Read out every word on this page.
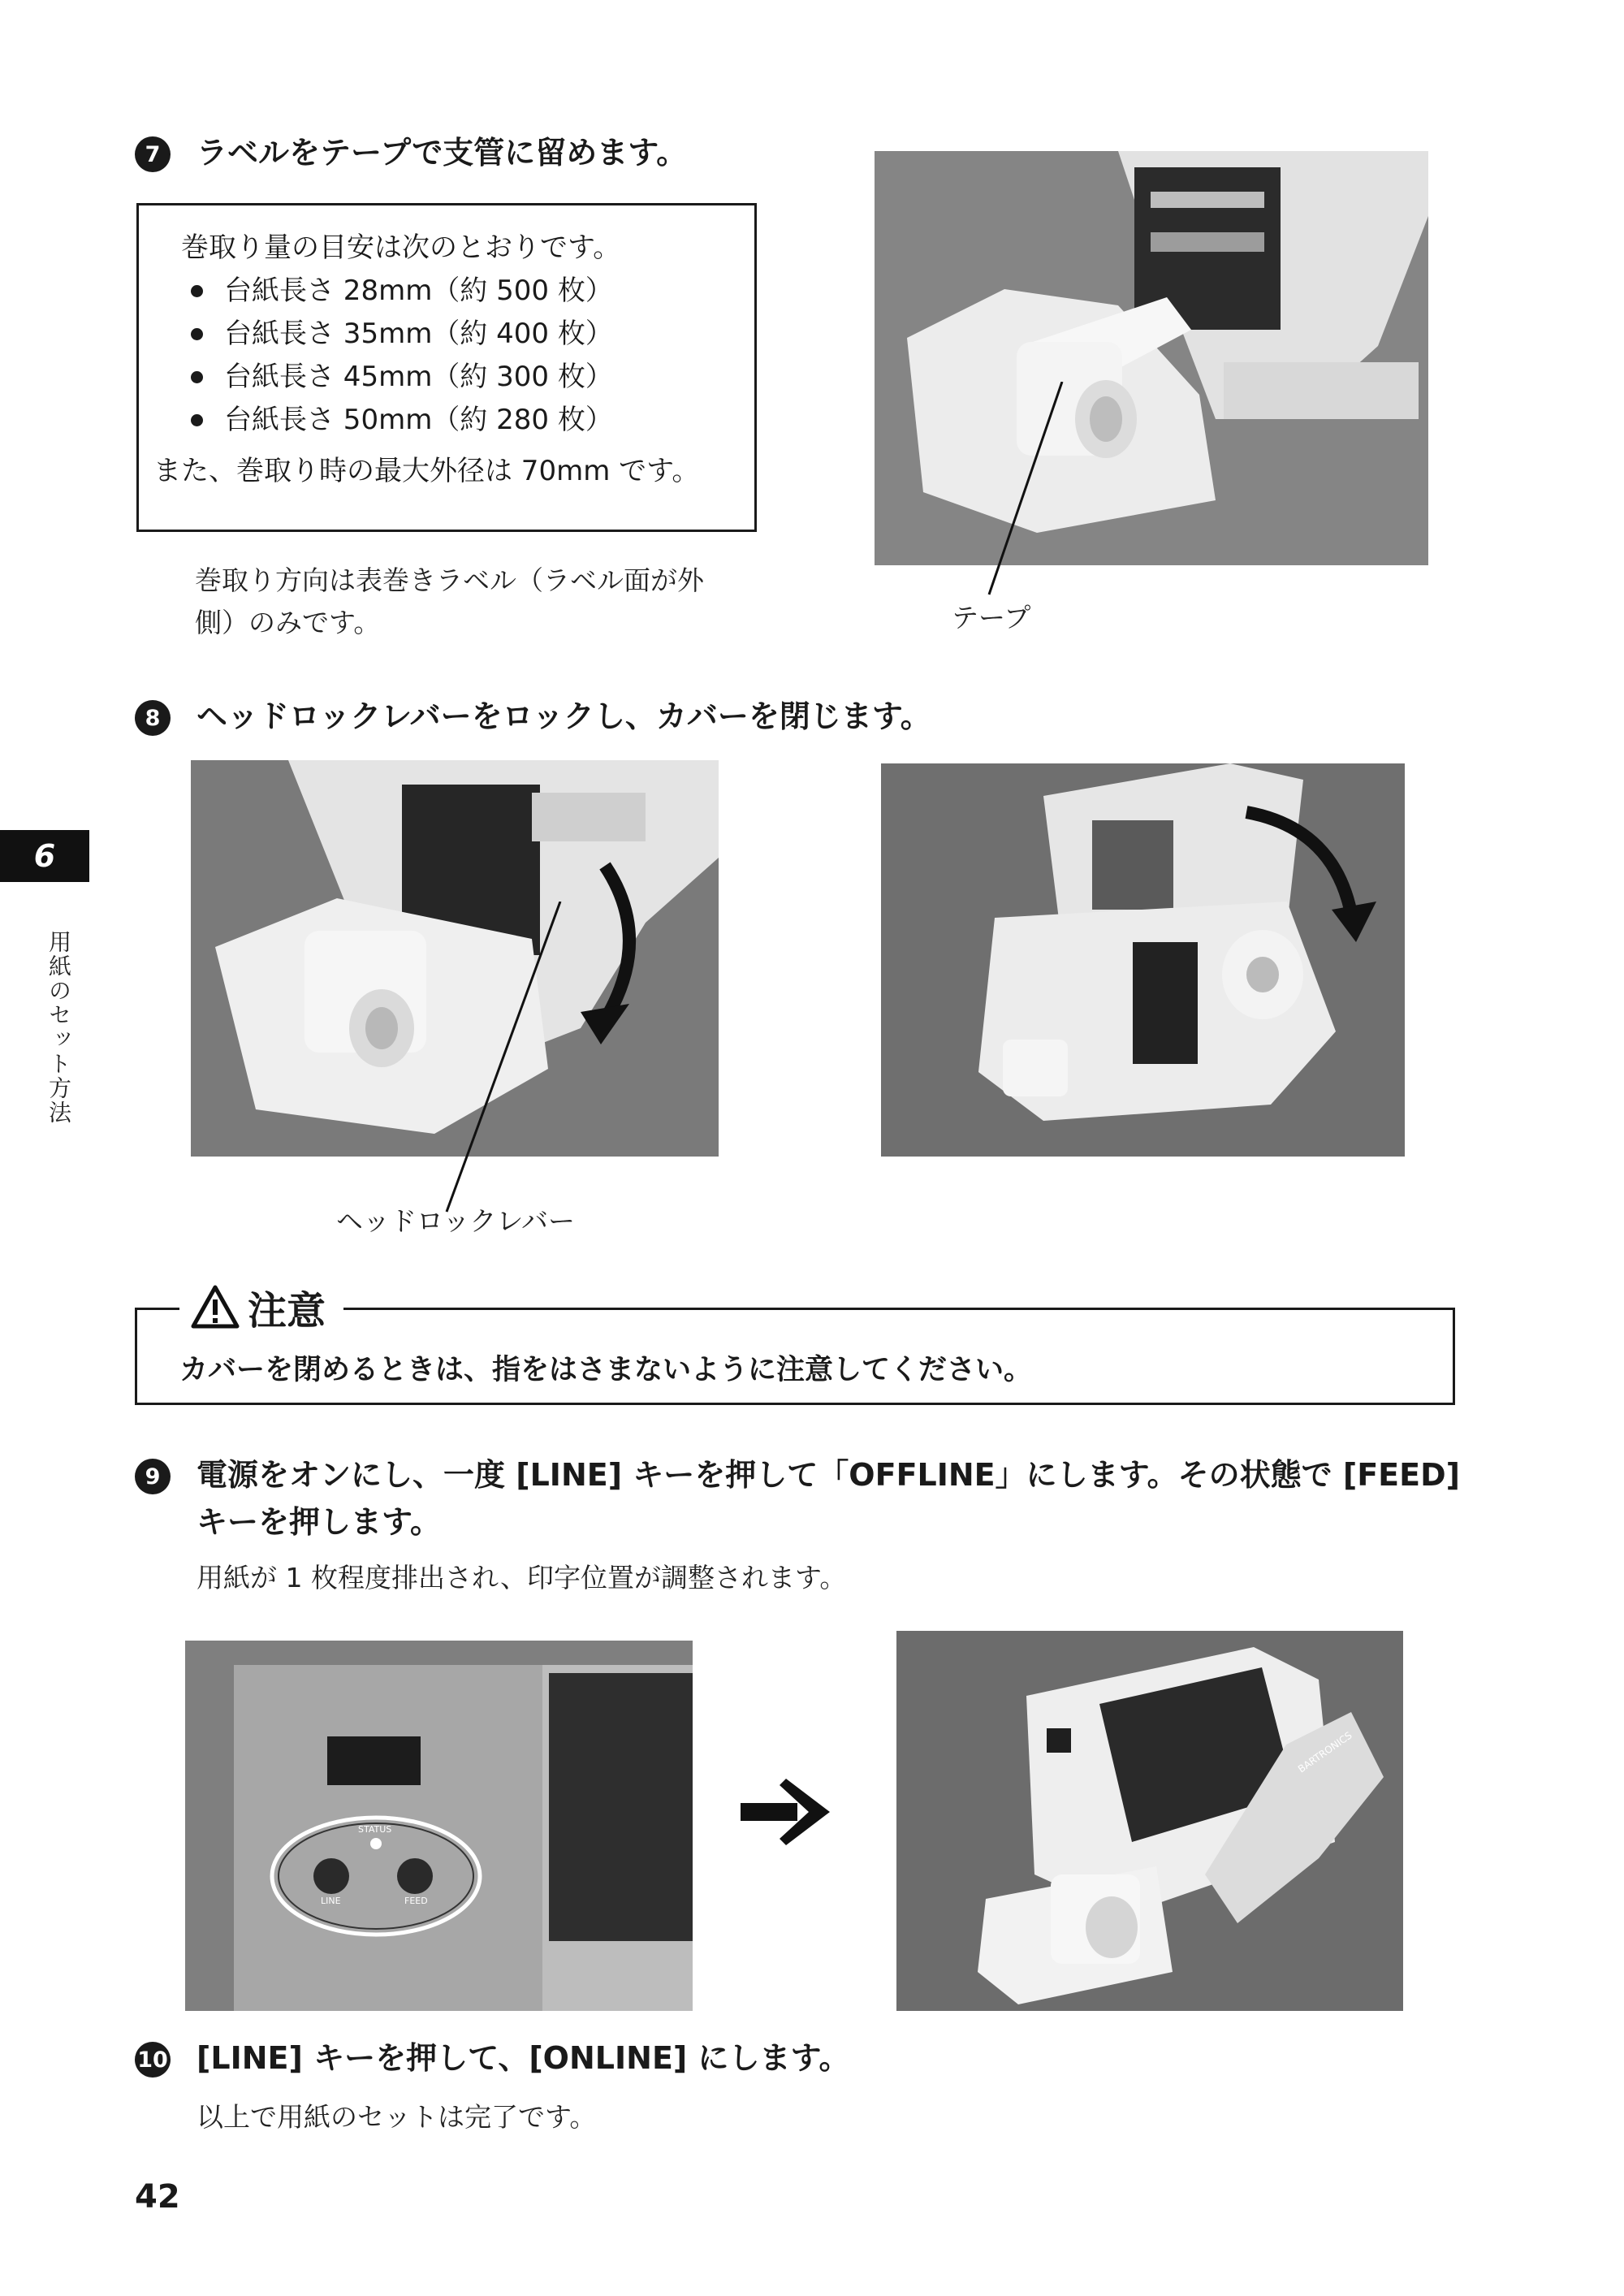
6
用紙のセット方法
7	ラベルをテープで支管に留めます。
巻取り量の目安は次のとおりです。
台紙長さ 28mm（約 500 枚）
台紙長さ 35mm（約 400 枚）
台紙長さ 45mm（約 300 枚）
台紙長さ 50mm（約 280 枚）
また、巻取り時の最大外径は 70mm です。
巻取り方向は表巻きラベル（ラベル面が外
側）のみです。	テープ
8	ヘッドロックレバーをロックし、カバーを閉じます。
ヘッドロックレバー
注意
カバーを閉めるときは、指をはさまないように注意してください。
9	電源をオンにし、一度 [LINE] キーを押して「OFFLINE」にします。その状態で [FEED]
キーを押します。
用紙が 1 枚程度排出され、印字位置が調整されます。
STATUS
LINE	FEED
BARTRONICS
10 [LINE] キーを押して、[ONLINE] にします。
以上で用紙のセットは完了です。
42
